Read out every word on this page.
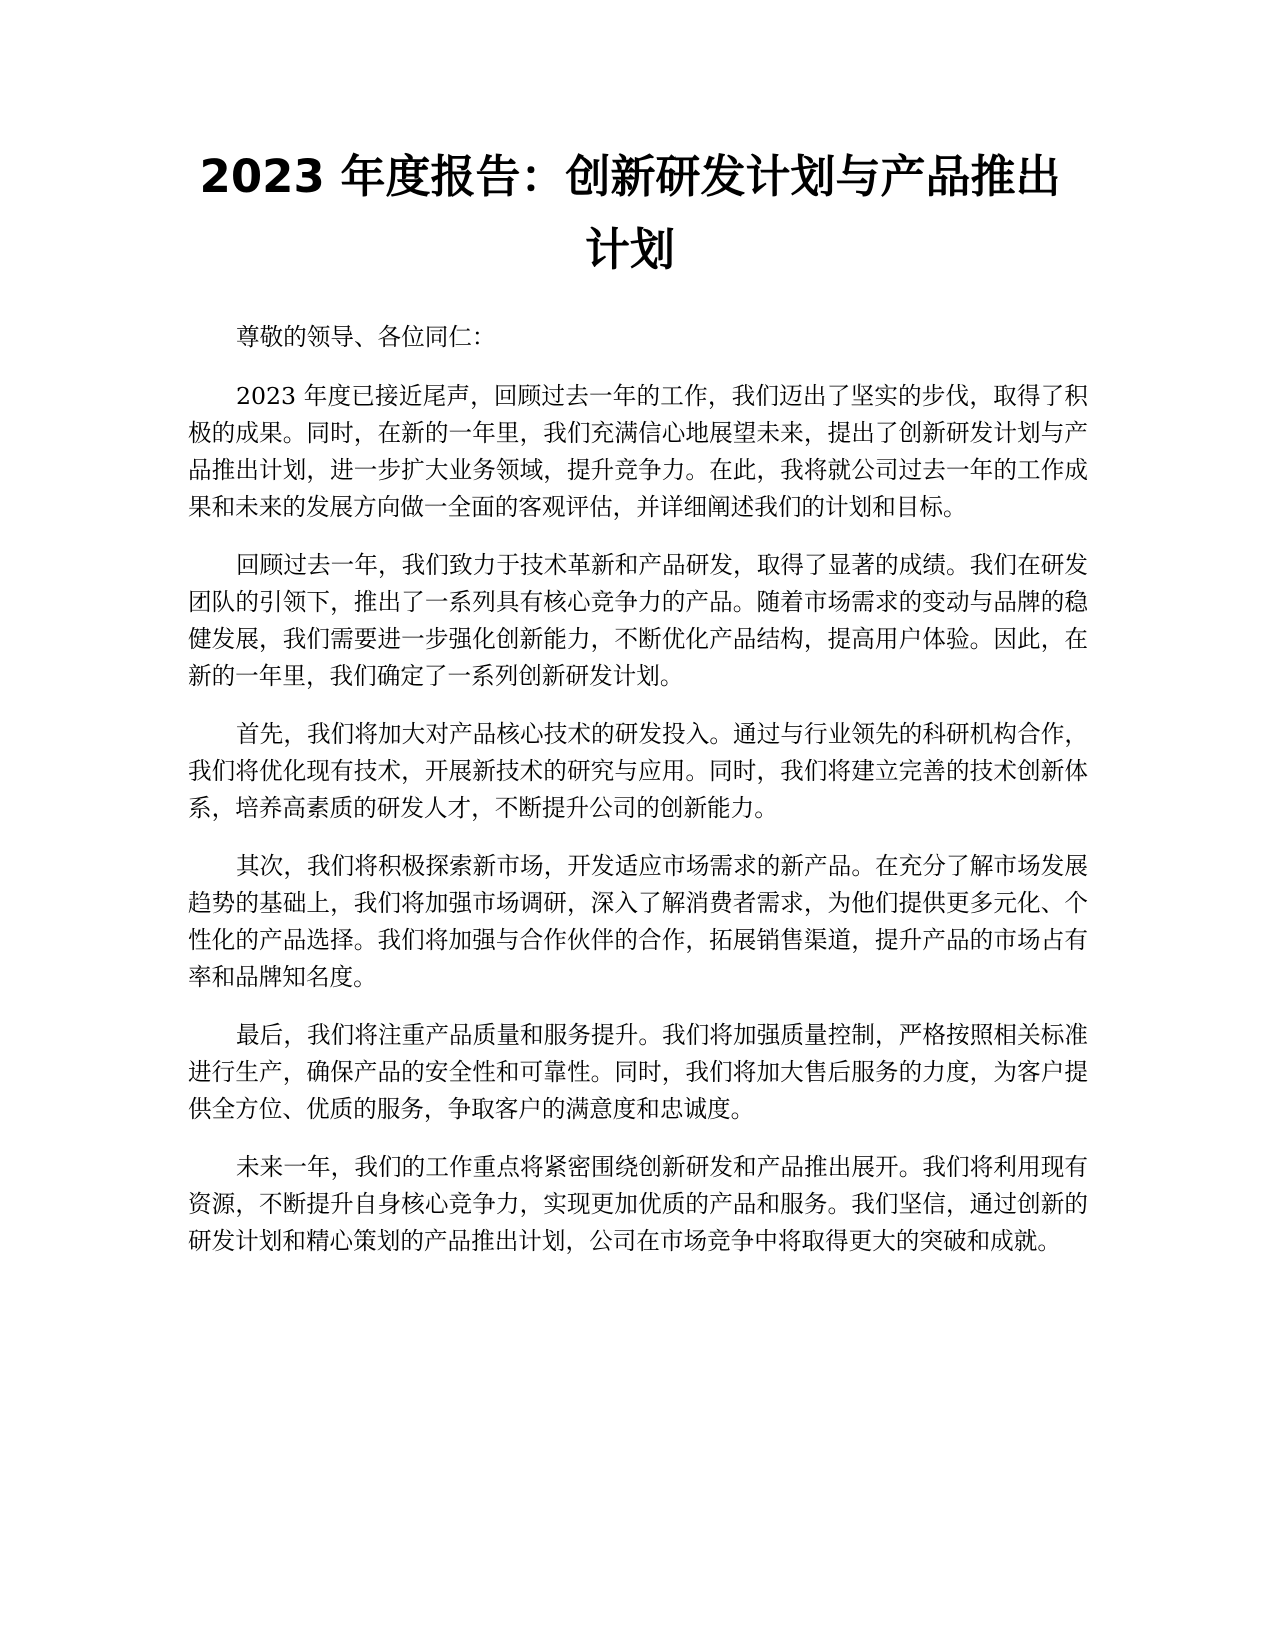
2023 年度报告：创新研发计划与产品推出计划

尊敬的领导、各位同仁：

2023 年度已接近尾声，回顾过去一年的工作，我们迈出了坚实的步伐，取得了积极的成果。同时，在新的一年里，我们充满信心地展望未来，提出了创新研发计划与产品推出计划，进一步扩大业务领域，提升竞争力。在此，我将就公司过去一年的工作成果和未来的发展方向做一全面的客观评估，并详细阐述我们的计划和目标。

回顾过去一年，我们致力于技术革新和产品研发，取得了显著的成绩。我们在研发团队的引领下，推出了一系列具有核心竞争力的产品。随着市场需求的变动与品牌的稳健发展，我们需要进一步强化创新能力，不断优化产品结构，提高用户体验。因此，在新的一年里，我们确定了一系列创新研发计划。

首先，我们将加大对产品核心技术的研发投入。通过与行业领先的科研机构合作，我们将优化现有技术，开展新技术的研究与应用。同时，我们将建立完善的技术创新体系，培养高素质的研发人才，不断提升公司的创新能力。

其次，我们将积极探索新市场，开发适应市场需求的新产品。在充分了解市场发展趋势的基础上，我们将加强市场调研，深入了解消费者需求，为他们提供更多元化、个性化的产品选择。我们将加强与合作伙伴的合作，拓展销售渠道，提升产品的市场占有率和品牌知名度。

最后，我们将注重产品质量和服务提升。我们将加强质量控制，严格按照相关标准进行生产，确保产品的安全性和可靠性。同时，我们将加大售后服务的力度，为客户提供全方位、优质的服务，争取客户的满意度和忠诚度。

未来一年，我们的工作重点将紧密围绕创新研发和产品推出展开。我们将利用现有资源，不断提升自身核心竞争力，实现更加优质的产品和服务。我们坚信，通过创新的研发计划和精心策划的产品推出计划，公司在市场竞争中将取得更大的突破和成就。
